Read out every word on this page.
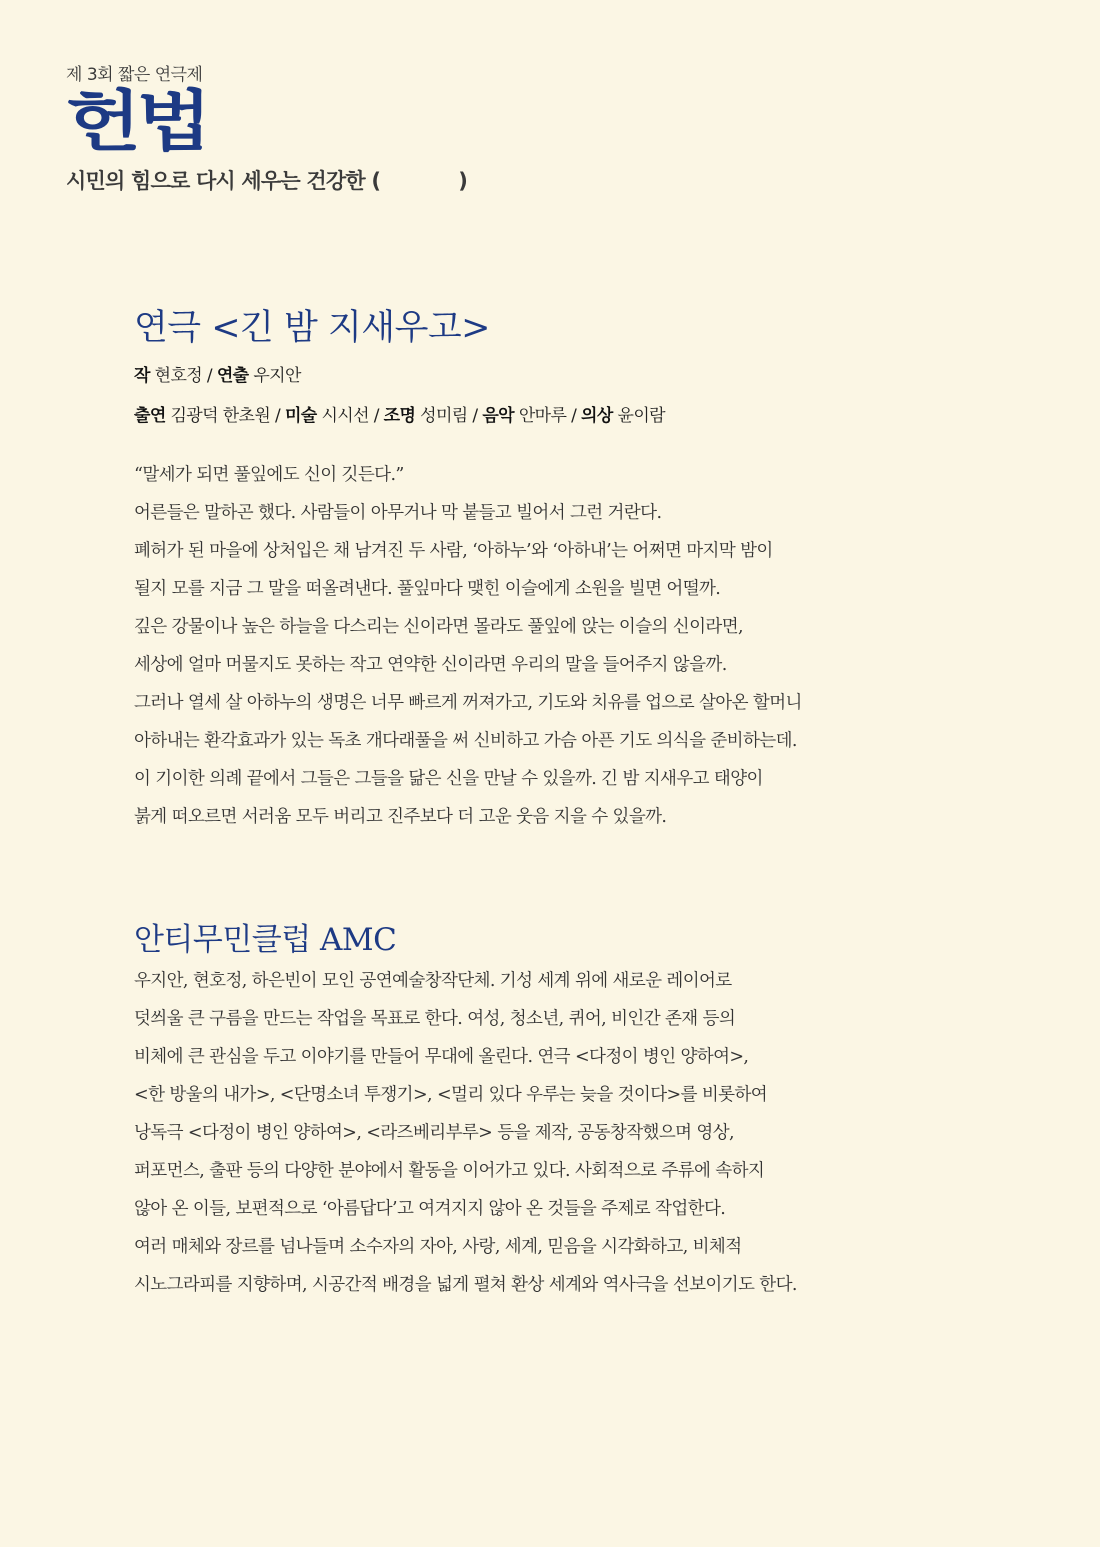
제 3회 짧은 연극제
헌법
시민의 힘으로 다시 세우는 건강한 (            )
연극 <긴 밤 지새우고>
작 현호정 / 연출 우지안
출연 김광덕 한초원 / 미술 시시선 / 조명 성미림 / 음악 안마루 / 의상 윤이람

“말세가 되면 풀잎에도 신이 깃든다.”

어른들은 말하곤 했다. 사람들이 아무거나 막 붙들고 빌어서 그런 거란다.

폐허가 된 마을에 상처입은 채 남겨진 두 사람, ‘아하누’와 ‘아하내’는 어쩌면 마지막 밤이

될지 모를 지금 그 말을 떠올려낸다. 풀잎마다 맺힌 이슬에게 소원을 빌면 어떨까.

깊은 강물이나 높은 하늘을 다스리는 신이라면 몰라도 풀잎에 앉는 이슬의 신이라면,

세상에 얼마 머물지도 못하는 작고 연약한 신이라면 우리의 말을 들어주지 않을까.

그러나 열세 살 아하누의 생명은 너무 빠르게 꺼져가고, 기도와 치유를 업으로 살아온 할머니

아하내는 환각효과가 있는 독초 개다래풀을 써 신비하고 가슴 아픈 기도 의식을 준비하는데.

이 기이한 의례 끝에서 그들은 그들을 닮은 신을 만날 수 있을까. 긴 밤 지새우고 태양이

붉게 떠오르면 서러움 모두 버리고 진주보다 더 고운 웃음 지을 수 있을까.

안티무민클럽 AMC

우지안, 현호정, 하은빈이 모인 공연예술창작단체. 기성 세계 위에 새로운 레이어로

덧씌울 큰 구름을 만드는 작업을 목표로 한다. 여성, 청소년, 퀴어, 비인간 존재 등의

비체에 큰 관심을 두고 이야기를 만들어 무대에 올린다. 연극 <다정이 병인 양하여>,

<한 방울의 내가>, <단명소녀 투쟁기>, <멀리 있다 우루는 늦을 것이다>를 비롯하여

낭독극 <다정이 병인 양하여>, <라즈베리부루> 등을 제작, 공동창작했으며 영상,

퍼포먼스, 출판 등의 다양한 분야에서 활동을 이어가고 있다. 사회적으로 주류에 속하지

않아 온 이들, 보편적으로 ‘아름답다’고 여겨지지 않아 온 것들을 주제로 작업한다.

여러 매체와 장르를 넘나들며 소수자의 자아, 사랑, 세계, 믿음을 시각화하고, 비체적

시노그라피를 지향하며, 시공간적 배경을 넓게 펼쳐 환상 세계와 역사극을 선보이기도 한다.
